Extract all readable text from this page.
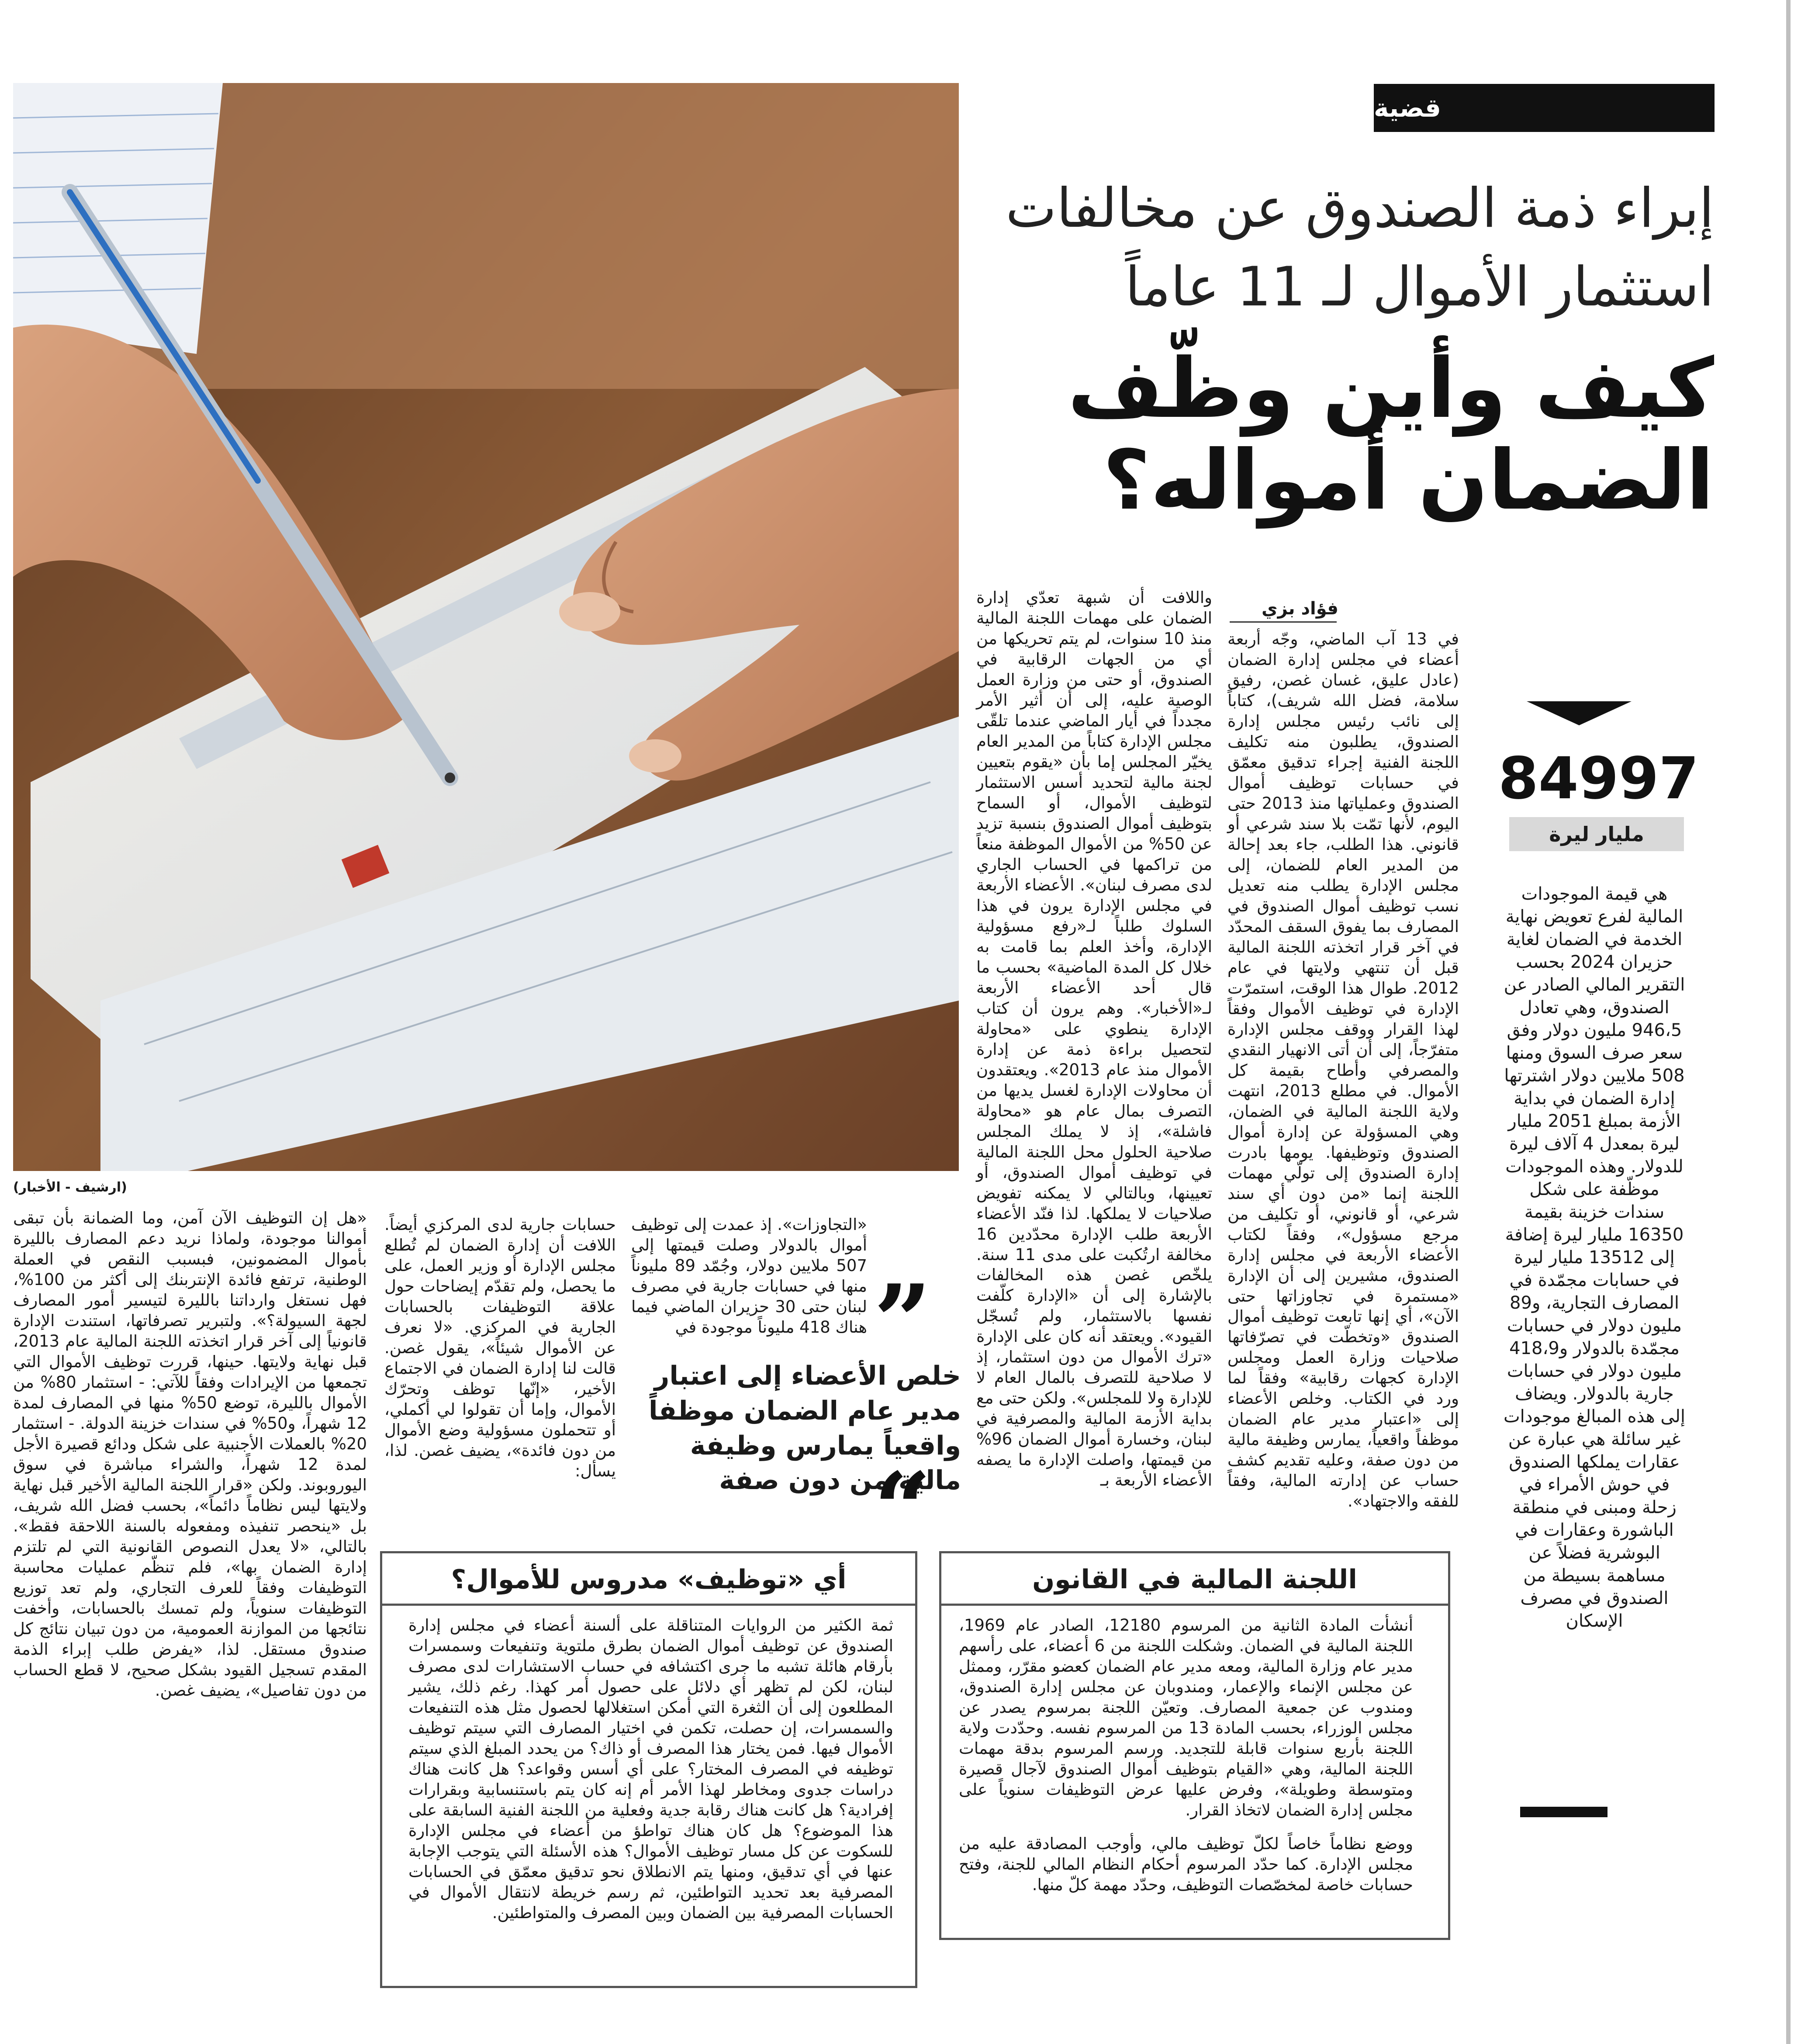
قضية
إبراء ذمة الصندوق عن مخالفات
استثمار الأموال لـ 11 عاماً
كيف وأين وظّف
الضمان أمواله؟
(ارشيف - الأخبار)
84997
مليار ليرة
هي قيمة الموجودات المالية لفرع تعويض نهاية الخدمة في الضمان لغاية حزيران 2024 بحسب التقرير المالي الصادر عن الصندوق، وهي تعادل 946،5 مليون دولار وفق سعر صرف السوق ومنها 508 ملايين دولار اشترتها إدارة الضمان في بداية الأزمة بمبلغ 2051 مليار ليرة بمعدل 4 آلاف ليرة للدولار. وهذه الموجودات موظّفة على شكل سندات خزينة بقيمة 16350 مليار ليرة إضافة إلى 13512 مليار ليرة في حسابات مجمّدة في المصارف التجارية، و89 مليون دولار في حسابات مجمّدة بالدولار و418،9 مليون دولار في حسابات جارية بالدولار. ويضاف إلى هذه المبالغ موجودات غير سائلة هي عبارة عن عقارات يملكها الصندوق في حوش الأمراء في زحلة ومبنى في منطقة الباشورة وعقارات في البوشرية فضلاً عن مساهمة بسيطة من الصندوق في مصرف الإسكان
فؤاد بزي
في 13 آب الماضي، وجّه أربعة أعضاء في مجلس إدارة الضمان (عادل عليق، غسان غصن، رفيق سلامة، فضل الله شريف)، كتاباً إلى نائب رئيس مجلس إدارة الصندوق، يطلبون منه تكليف اللجنة الفنية إجراء تدقيق معمّق في حسابات توظيف أموال الصندوق وعملياتها منذ 2013 حتى اليوم، لأنها تمّت بلا سند شرعي أو قانوني. هذا الطلب، جاء بعد إحالة من المدير العام للضمان، إلى مجلس الإدارة يطلب منه تعديل نسب توظيف أموال الصندوق في المصارف بما يفوق السقف المحدّد في آخر قرار اتخذته اللجنة المالية قبل أن تنتهي ولايتها في عام 2012. طوال هذا الوقت، استمرّت الإدارة في توظيف الأموال وفقاً لهذا القرار ووقف مجلس الإدارة متفرّجاً، إلى أن أتى الانهيار النقدي والمصرفي وأطاح بقيمة كل الأموال. في مطلع 2013، انتهت ولاية اللجنة المالية في الضمان، وهي المسؤولة عن إدارة أموال الصندوق وتوظيفها. يومها بادرت إدارة الصندوق إلى تولّي مهمات اللجنة إنما «من دون أي سند شرعي، أو قانوني، أو تكليف من مرجع مسؤول»، وفقاً لكتاب الأعضاء الأربعة في مجلس إدارة الصندوق، مشيرين إلى أن الإدارة «مستمرة في تجاوزاتها حتى الآن»، أي إنها تابعت توظيف أموال الصندوق «وتخطّت في تصرّفاتها صلاحيات وزارة العمل ومجلس الإدارة كجهات رقابية» وفقاً لما ورد في الكتاب. وخلص الأعضاء إلى «اعتبار مدير عام الضمان موظفاً واقعياً، يمارس وظيفة مالية من دون صفة، وعليه تقديم كشف حساب عن إدارته المالية، وفقاً للفقه والاجتهاد».
واللافت أن شبهة تعدّي إدارة الضمان على مهمات اللجنة المالية منذ 10 سنوات، لم يتم تحريكها من أي من الجهات الرقابية في الصندوق، أو حتى من وزارة العمل الوصية عليه، إلى أن أثير الأمر مجدداً في أيار الماضي عندما تلقّى مجلس الإدارة كتاباً من المدير العام يخيّر المجلس إما بأن «يقوم بتعيين لجنة مالية لتحديد أسس الاستثمار لتوظيف الأموال، أو السماح بتوظيف أموال الصندوق بنسبة تزيد عن 50% من الأموال الموظفة منعاً من تراكمها في الحساب الجاري لدى مصرف لبنان». الأعضاء الأربعة في مجلس الإدارة يرون في هذا السلوك طلباً لـ«رفع مسؤولية الإدارة، وأخذ العلم بما قامت به خلال كل المدة الماضية» بحسب ما قال أحد الأعضاء الأربعة لـ«الأخبار». وهم يرون أن كتاب الإدارة ينطوي على «محاولة لتحصيل براءة ذمة عن إدارة الأموال منذ عام 2013». ويعتقدون أن محاولات الإدارة لغسل يديها من التصرف بمال عام هو «محاولة فاشلة»، إذ لا يملك المجلس صلاحية الحلول محل اللجنة المالية في توظيف أموال الصندوق، أو تعيينها، وبالتالي لا يمكنه تفويض صلاحيات لا يملكها. لذا فنّد الأعضاء الأربعة طلب الإدارة محدّدين 16 مخالفة ارتُكبت على مدى 11 سنة. يلخّص غصن هذه المخالفات بالإشارة إلى أن «الإدارة كلّفت نفسها بالاستثمار، ولم تُسجّل القيود». ويعتقد أنه كان على الإدارة «ترك الأموال من دون استثمار، إذ لا صلاحية للتصرف بالمال العام لا للإدارة ولا للمجلس». ولكن حتى مع بداية الأزمة المالية والمصرفية في لبنان، وخسارة أموال الضمان 96% من قيمتها، واصلت الإدارة ما يصفه الأعضاء الأربعة بـ
”
خلص الأعضاء إلى اعتبار مدير عام الضمان موظفاً واقعياً يمارس وظيفة مالية من دون صفة
“
«التجاوزات». إذ عمدت إلى توظيف أموال بالدولار وصلت قيمتها إلى 507 ملايين دولار، وجُمّد 89 مليوناً منها في حسابات جارية في مصرف لبنان حتى 30 حزيران الماضي فيما هناك 418 مليوناً موجودة في
حسابات جارية لدى المركزي أيضاً. اللافت أن إدارة الضمان لم تُطلع مجلس الإدارة أو وزير العمل، على ما يحصل، ولم تقدّم إيضاحات حول علاقة التوظيفات بالحسابات الجارية في المركزي. «لا نعرف عن الأموال شيئاً»، يقول غصن. قالت لنا إدارة الضمان في الاجتماع الأخير، «إنّها توظف وتحرّك الأموال، وإما أن تقولوا لي أكملي، أو تتحملون مسؤولية وضع الأموال من دون فائدة»، يضيف غصن. لذا، يسأل:
«هل إن التوظيف الآن آمن، وما الضمانة بأن تبقى أموالنا موجودة، ولماذا نريد دعم المصارف بالليرة بأموال المضمونين، فبسبب النقص في العملة الوطنية، ترتفع فائدة الإنتربنك إلى أكثر من 100%، فهل نستغل وارداتنا بالليرة لتيسير أمور المصارف لجهة السيولة؟». ولتبرير تصرفاتها، استندت الإدارة قانونياً إلى آخر قرار اتخذته اللجنة المالية عام 2013، قبل نهاية ولايتها. حينها، قررت توظيف الأموال التي تجمعها من الإيرادات وفقاً للآتي: - استثمار 80% من الأموال بالليرة، توضع 50% منها في المصارف لمدة 12 شهراً، و50% في سندات خزينة الدولة. - استثمار 20% بالعملات الأجنبية على شكل ودائع قصيرة الأجل لمدة 12 شهراً، والشراء مباشرة في سوق اليوروبوند. ولكن «قرار اللجنة المالية الأخير قبل نهاية ولايتها ليس نظاماً دائماً»، بحسب فضل الله شريف، بل «ينحصر تنفيذه ومفعوله بالسنة اللاحقة فقط». بالتالي، «لا يعدل النصوص القانونية التي لم تلتزم إدارة الضمان بها»، فلم تنظّم عمليات محاسبة التوظيفات وفقاً للعرف التجاري، ولم تعد توزيع التوظيفات سنوياً، ولم تمسك بالحسابات، وأخفت نتائجها من الموازنة العمومية، من دون تبيان نتائج كل صندوق مستقل. لذا، «يفرض طلب إبراء الذمة المقدم تسجيل القيود بشكل صحيح، لا قطع الحساب من دون تفاصيل»، يضيف غصن.
اللجنة المالية في القانون
أنشأت المادة الثانية من المرسوم 12180، الصادر عام 1969، اللجنة المالية في الضمان. وشكلت اللجنة من 6 أعضاء، على رأسهم مدير عام وزارة المالية، ومعه مدير عام الضمان كعضو مقرّر، وممثل عن مجلس الإنماء والإعمار، ومندوبان عن مجلس إدارة الصندوق، ومندوب عن جمعية المصارف. وتعيّن اللجنة بمرسوم يصدر عن مجلس الوزراء، بحسب المادة 13 من المرسوم نفسه. وحدّدت ولاية اللجنة بأربع سنوات قابلة للتجديد. ورسم المرسوم بدقة مهمات اللجنة المالية، وهي «القيام بتوظيف أموال الصندوق لآجال قصيرة ومتوسطة وطويلة»، وفرض عليها عرض التوظيفات سنوياً على مجلس إدارة الضمان لاتخاذ القرار.
ووضع نظاماً خاصاً لكلّ توظيف مالي، وأوجب المصادقة عليه من مجلس الإدارة. كما حدّد المرسوم أحكام النظام المالي للجنة، وفتح حسابات خاصة لمخصّصات التوظيف، وحدّد مهمة كلّ منها.
أي «توظيف» مدروس للأموال؟
ثمة الكثير من الروايات المتناقلة على ألسنة أعضاء في مجلس إدارة الصندوق عن توظيف أموال الضمان بطرق ملتوية وتنفيعات وسمسرات بأرقام هائلة تشبه ما جرى اكتشافه في حساب الاستشارات لدى مصرف لبنان، لكن لم تظهر أي دلائل على حصول أمر كهذا. رغم ذلك، يشير المطلعون إلى أن الثغرة التي أمكن استغلالها لحصول مثل هذه التنفيعات والسمسرات، إن حصلت، تكمن في اختيار المصارف التي سيتم توظيف الأموال فيها. فمن يختار هذا المصرف أو ذاك؟ من يحدد المبلغ الذي سيتم توظيفه في المصرف المختار؟ على أي أسس وقواعد؟ هل كانت هناك دراسات جدوى ومخاطر لهذا الأمر أم إنه كان يتم باستنسابية وبقرارات إفرادية؟ هل كانت هناك رقابة جدية وفعلية من اللجنة الفنية السابقة على هذا الموضوع؟ هل كان هناك تواطؤ من أعضاء في مجلس الإدارة للسكوت عن كل مسار توظيف الأموال؟ هذه الأسئلة التي يتوجب الإجابة عنها في أي تدقيق، ومنها يتم الانطلاق نحو تدقيق معمّق في الحسابات المصرفية بعد تحديد التواطئين، ثم رسم خريطة لانتقال الأموال في الحسابات المصرفية بين الضمان وبين المصرف والمتواطئين.
